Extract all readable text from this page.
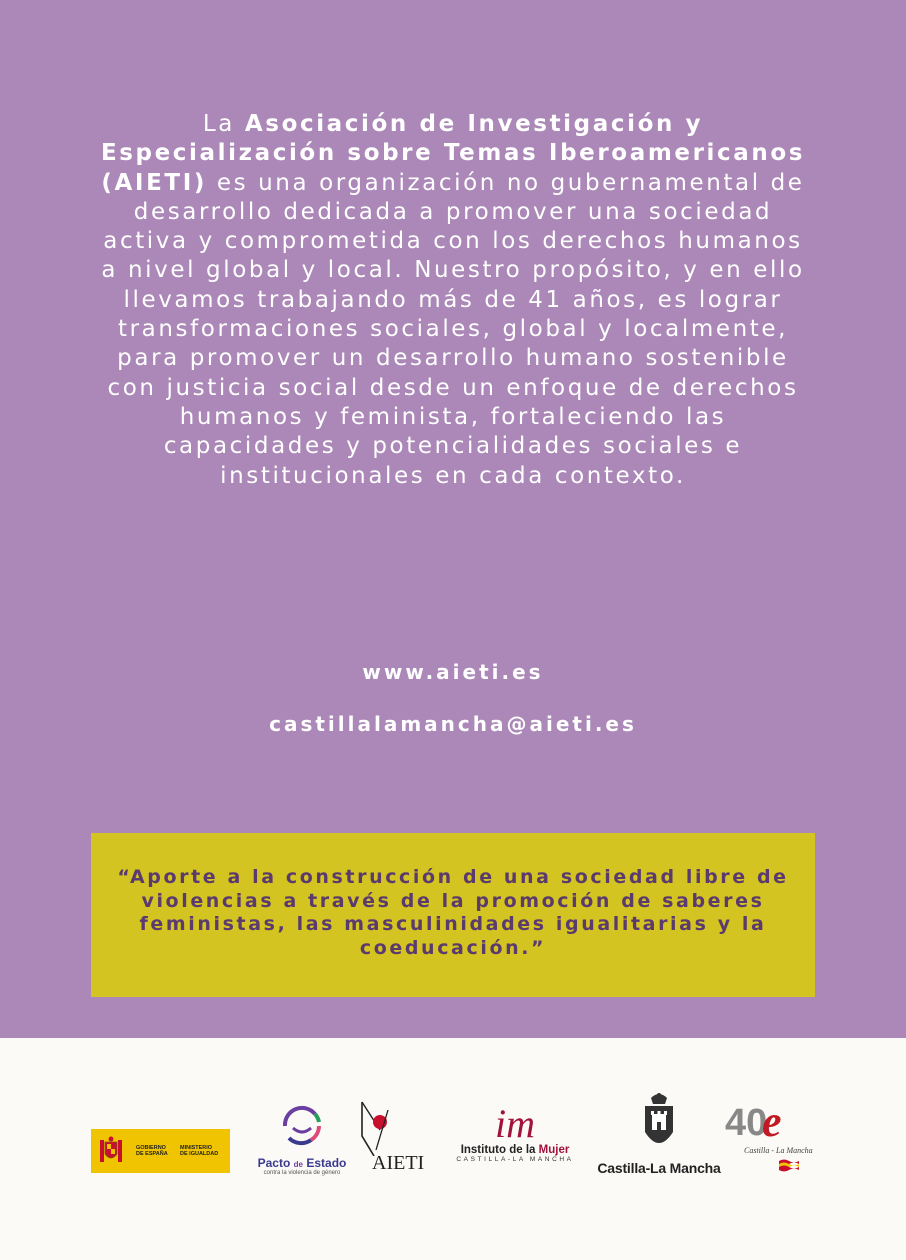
La Asociación de Investigación y Especialización sobre Temas Iberoamericanos (AIETI) es una organización no gubernamental de desarrollo dedicada a promover una sociedad activa y comprometida con los derechos humanos a nivel global y local. Nuestro propósito, y en ello llevamos trabajando más de 41 años, es lograr transformaciones sociales, global y localmente, para promover un desarrollo humano sostenible con justicia social desde un enfoque de derechos humanos y feminista, fortaleciendo las capacidades y potencialidades sociales e institucionales en cada contexto.

www.aieti.es
castillalamancha@aieti.es
“Aporte a la construcción de una sociedad libre de violencias a través de la promoción de saberes feministas, las masculinidades igualitarias y la coeducación.”
GOBIERNO
DE ESPAÑA
MINISTERIO
DE IGUALDAD
Pacto de Estado
contra la violencia de género	AIETI
im
Instituto de la Mujer
CASTILLA-LA MANCHA
Castilla-La Mancha
40
e
Castilla - La Mancha
